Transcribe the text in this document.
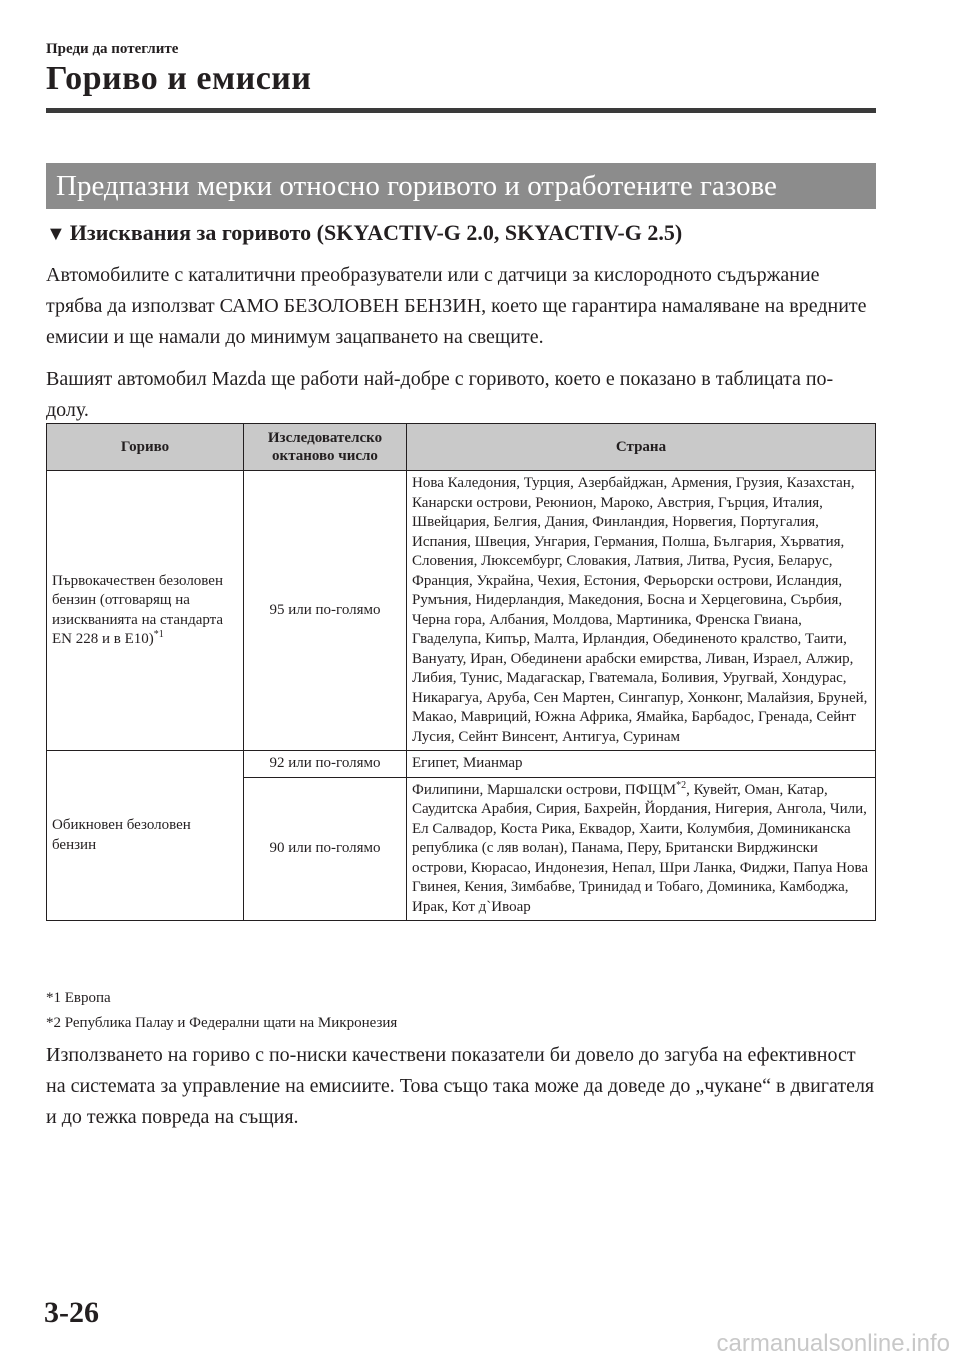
Преди да потеглите
Гориво и емисии
Предпазни мерки относно горивото и отработените газове
▼ Изисквания за горивото (SKYACTIV-G 2.0, SKYACTIV-G 2.5)
Автомобилите с каталитични преобразуватели или с датчици за кислородното съдържание трябва да използват САМО БЕЗОЛОВЕН БЕНЗИН, което ще гарантира намаляване на вредните емисии и ще намали до минимум зацапването на свещите.
Вашият автомобил Mazda ще работи най-добре с горивото, което е показано в таблицата по-долу.
Гориво	Изследователско октаново число	Страна
Първокачествен безоловен бензин (отговарящ на изискванията на стандарта EN 228 и в E10)$^{*1}$	95 или по-голямо	Нова Каледония, Турция, Азербайджан, Армения, Грузия, Казахстан, Канарски острови, Реюнион, Мароко, Австрия, Гърция, Италия, Швейцария, Белгия, Дания, Финландия, Норвегия, Португалия, Испания, Швеция, Унгария, Германия, Полша, България, Хърватия, Словения, Люксембург, Словакия, Латвия, Литва, Русия, Беларус, Франция, Украйна, Чехия, Естония, Ферьорски острови, Исландия, Румъния, Нидерландия, Македония, Босна и Херцеговина, Сърбия, Черна гора, Албания, Молдова, Мартиника, Френска Гвиана, Гваделупа, Кипър, Малта, Ирландия, Обединеното кралство, Таити, Вануату, Иран, Обединени арабски емирства, Ливан, Израел, Алжир, Либия, Тунис, Мадагаскар, Гватемала, Боливия, Уругвай, Хондурас, Никарагуа, Аруба, Сен Мартен, Сингапур, Хонконг, Малайзия, Бруней, Макао, Мавриций, Южна Африка, Ямайка, Барбадос, Гренада, Сейнт Лусия, Сейнт Винсент, Антигуа, Суринам
Обикновен безоловен бензин	92 или по-голямо	Египет, Мианмар
	90 или по-голямо	Филипини, Маршалски острови, ПФЩМ$^{*2}$, Кувейт, Оман, Катар, Саудитска Арабия, Сирия, Бахрейн, Йордания, Нигерия, Ангола, Чили, Ел Салвадор, Коста Рика, Еквадор, Хаити, Колумбия, Доминиканска република (с ляв волан), Панама, Перу, Британски Вирджински острови, Кюрасао, Индонезия, Непал, Шри Ланка, Фиджи, Папуа Нова Гвинея, Кения, Зимбабве, Тринидад и Тобаго, Доминика, Камбоджа, Ирак, Кот д`Ивоар
*1 Европа
*2 Република Палау и Федерални щати на Микронезия
Използването на гориво с по-ниски качествени показатели би довело до загуба на ефективност на системата за управление на емисиите. Това също така може да доведе до „чукане“ в двигателя и до тежка повреда на същия.
3-26
carmanualsonline.info
